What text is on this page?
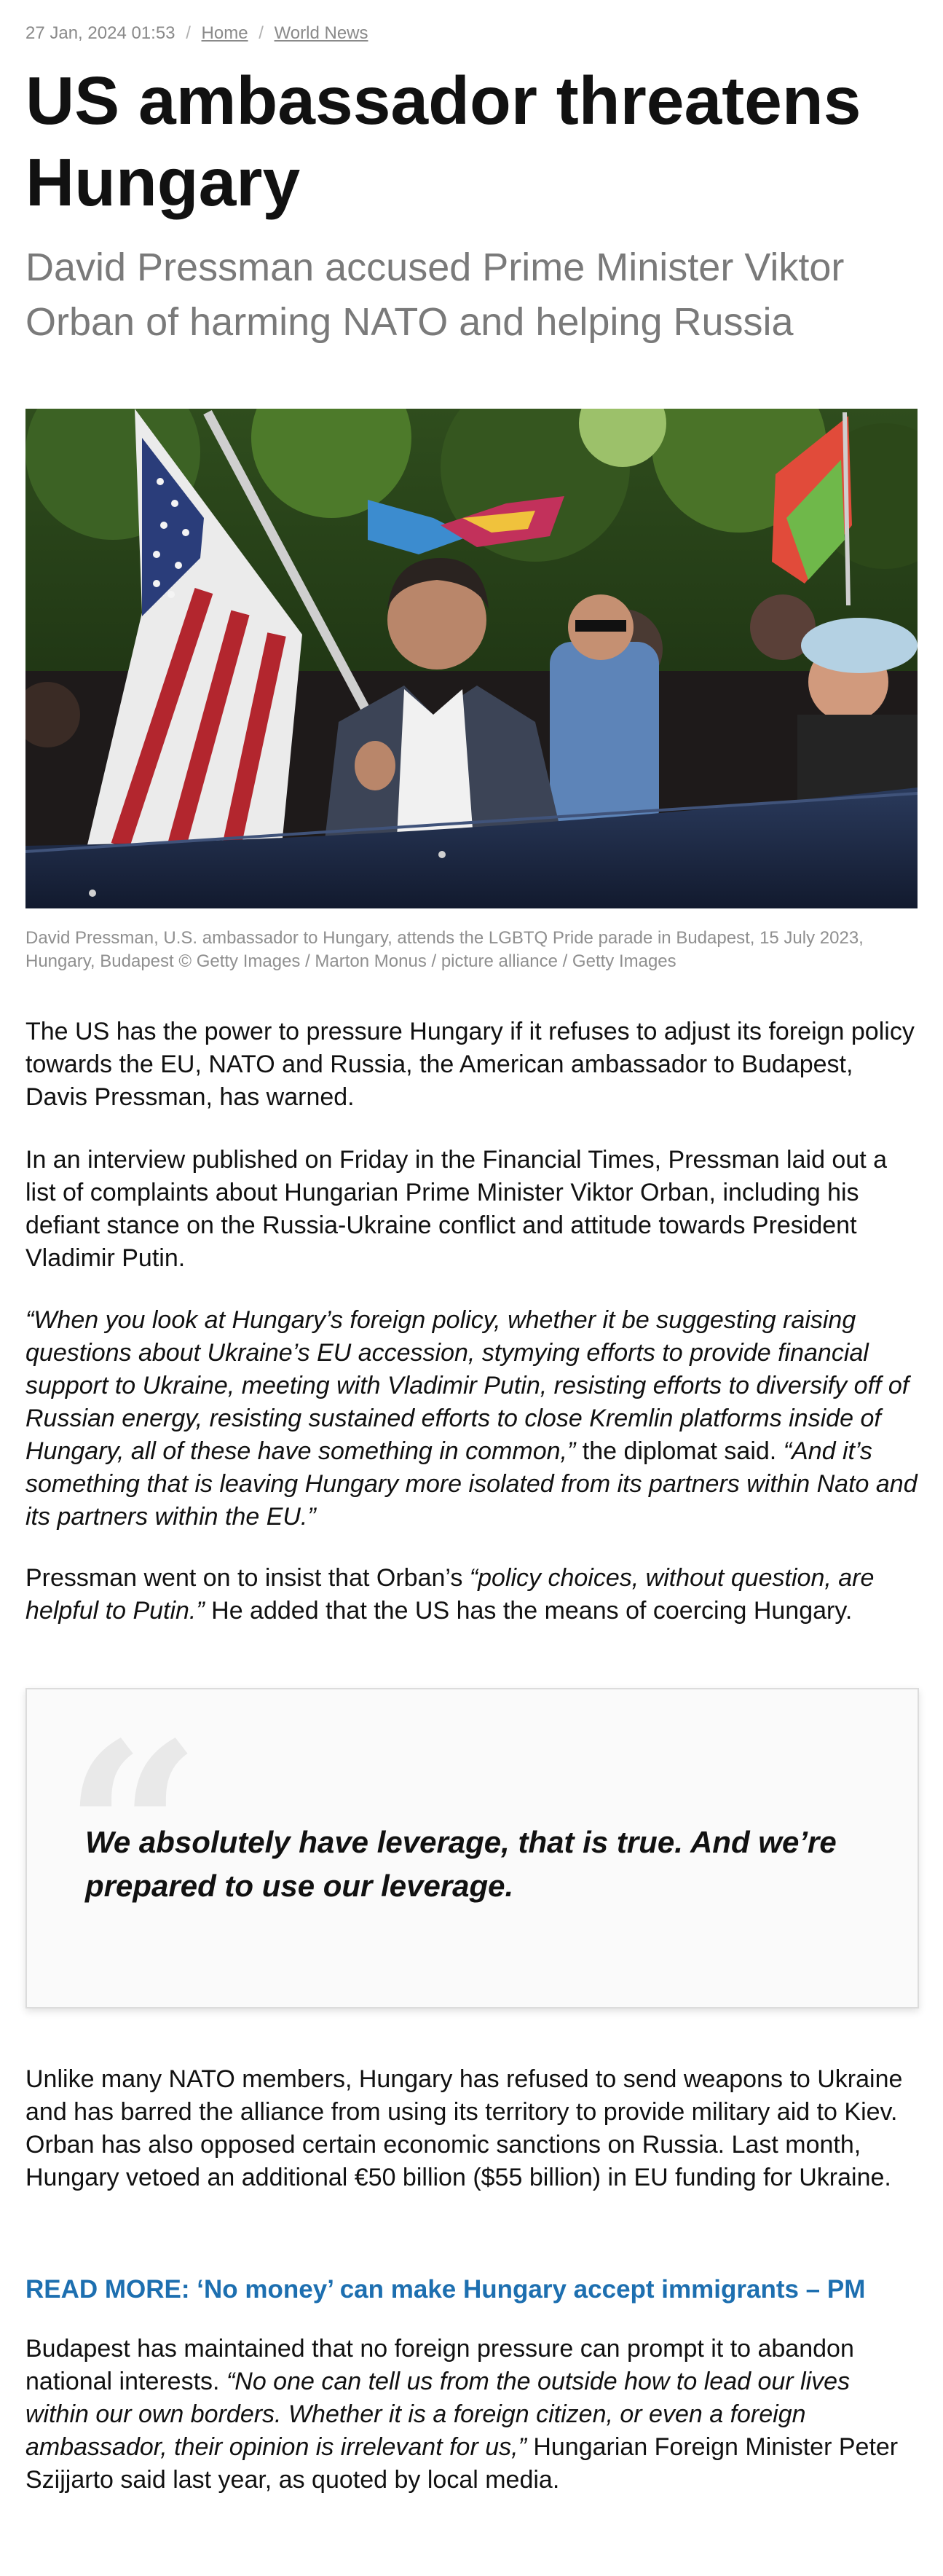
27 Jan, 2024 01:53 / Home / World News
US ambassador threatens Hungary
David Pressman accused Prime Minister Viktor Orban of harming NATO and helping Russia
David Pressman, U.S. ambassador to Hungary, attends the LGBTQ Pride parade in Budapest, 15 July 2023, Hungary, Budapest © Getty Images / Marton Monus / picture alliance / Getty Images

The US has the power to pressure Hungary if it refuses to adjust its foreign policy towards the EU, NATO and Russia, the American ambassador to Budapest, Davis Pressman, has warned.

In an interview published on Friday in the Financial Times, Pressman laid out a list of complaints about Hungarian Prime Minister Viktor Orban, including his defiant stance on the Russia-Ukraine conflict and attitude towards President Vladimir Putin.

“When you look at Hungary’s foreign policy, whether it be suggesting raising questions about Ukraine’s EU accession, stymying efforts to provide financial support to Ukraine, meeting with Vladimir Putin, resisting efforts to diversify off of Russian energy, resisting sustained efforts to close Kremlin platforms inside of Hungary, all of these have something in common,” the diplomat said. “And it’s something that is leaving Hungary more isolated from its partners within Nato and its partners within the EU.”

Pressman went on to insist that Orban’s “policy choices, without question, are helpful to Putin.” He added that the US has the means of coercing Hungary.

“
We absolutely have leverage, that is true. And we’re prepared to use our leverage.

Unlike many NATO members, Hungary has refused to send weapons to Ukraine and has barred the alliance from using its territory to provide military aid to Kiev. Orban has also opposed certain economic sanctions on Russia. Last month, Hungary vetoed an additional €50 billion ($55 billion) in EU funding for Ukraine.

READ MORE: ‘No money’ can make Hungary accept immigrants – PM

Budapest has maintained that no foreign pressure can prompt it to abandon national interests. “No one can tell us from the outside how to lead our lives within our own borders. Whether it is a foreign citizen, or even a foreign ambassador, their opinion is irrelevant for us,” Hungarian Foreign Minister Peter Szijjarto said last year, as quoted by local media.
